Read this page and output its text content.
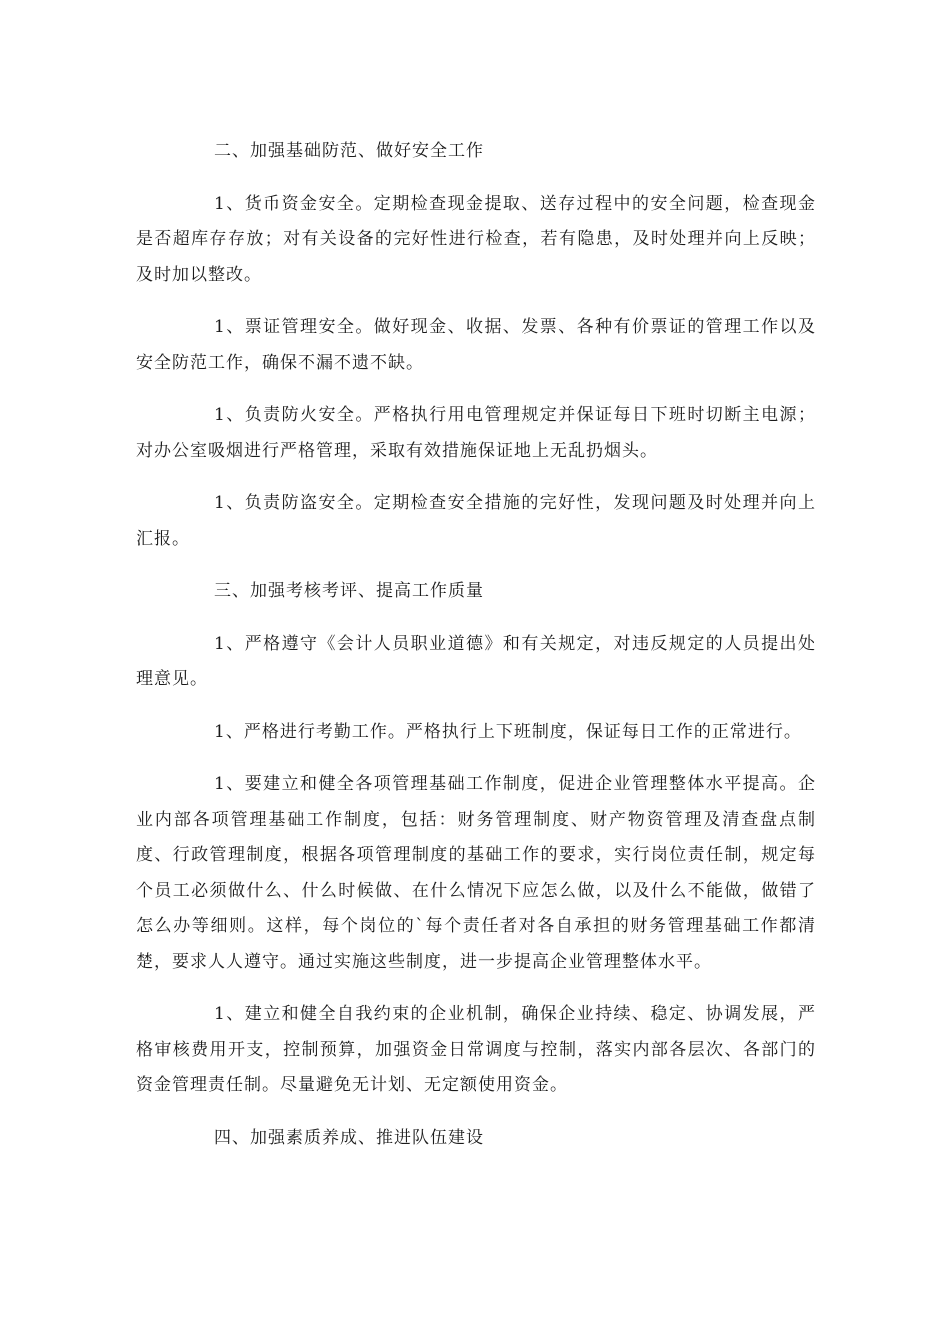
二、加强基础防范、做好安全工作

1、货币资金安全。定期检查现金提取、送存过程中的安全问题，检查现金是否超库存存放；对有关设备的完好性进行检查，若有隐患，及时处理并向上反映；及时加以整改。

1、票证管理安全。做好现金、收据、发票、各种有价票证的管理工作以及安全防范工作，确保不漏不遗不缺。

1、负责防火安全。严格执行用电管理规定并保证每日下班时切断主电源；对办公室吸烟进行严格管理，采取有效措施保证地上无乱扔烟头。

1、负责防盗安全。定期检查安全措施的完好性，发现问题及时处理并向上汇报。

三、加强考核考评、提高工作质量

1、严格遵守《会计人员职业道德》和有关规定，对违反规定的人员提出处理意见。

1、严格进行考勤工作。严格执行上下班制度，保证每日工作的正常进行。

1、要建立和健全各项管理基础工作制度，促进企业管理整体水平提高。企业内部各项管理基础工作制度，包括：财务管理制度、财产物资管理及清查盘点制度、行政管理制度，根据各项管理制度的基础工作的要求，实行岗位责任制，规定每个员工必须做什么、什么时候做、在什么情况下应怎么做，以及什么不能做，做错了怎么办等细则。这样，每个岗位的`每个责任者对各自承担的财务管理基础工作都清楚，要求人人遵守。通过实施这些制度，进一步提高企业管理整体水平。

1、建立和健全自我约束的企业机制，确保企业持续、稳定、协调发展，严格审核费用开支，控制预算，加强资金日常调度与控制，落实内部各层次、各部门的资金管理责任制。尽量避免无计划、无定额使用资金。

四、加强素质养成、推进队伍建设
